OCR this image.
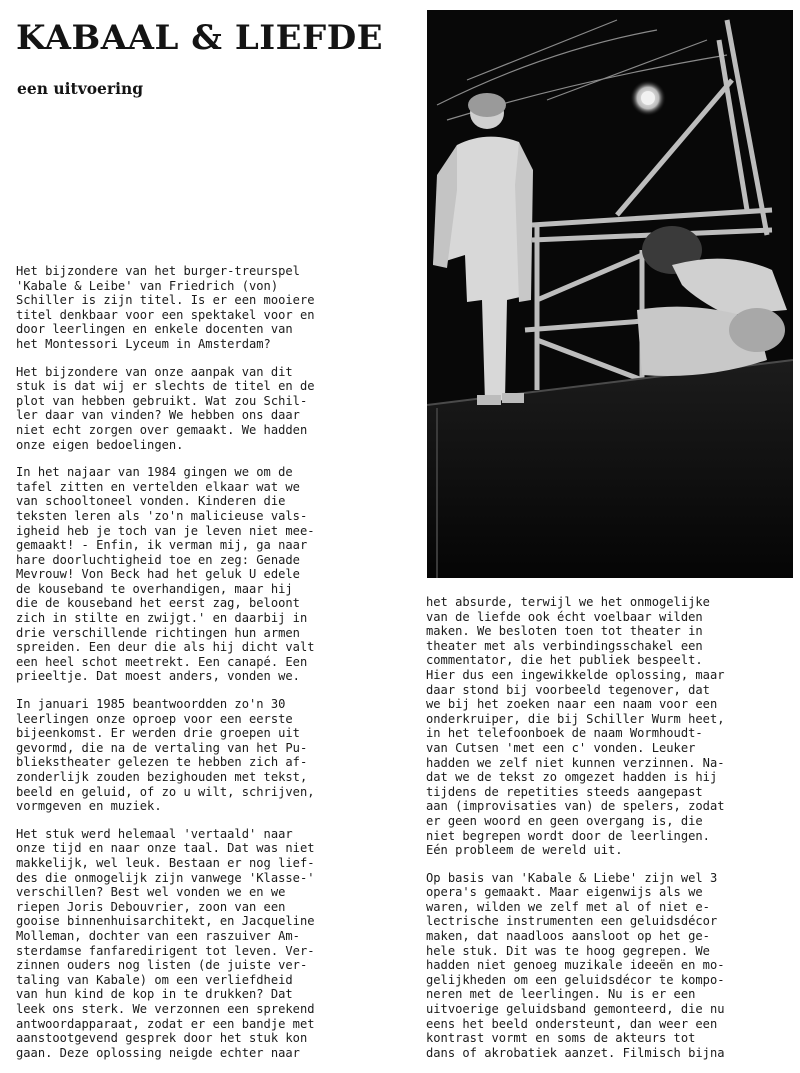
KABAAL & LIEFDE
een uitvoering

Het bijzondere van het burger-treurspel
'Kabale & Leibe' van Friedrich (von)
Schiller is zijn titel. Is er een mooiere
titel denkbaar voor een spektakel voor en
door leerlingen en enkele docenten van
het Montessori Lyceum in Amsterdam?

Het bijzondere van onze aanpak van dit
stuk is dat wij er slechts de titel en de
plot van hebben gebruikt. Wat zou Schil-
ler daar van vinden? We hebben ons daar
niet echt zorgen over gemaakt. We hadden
onze eigen bedoelingen.

In het najaar van 1984 gingen we om de
tafel zitten en vertelden elkaar wat we
van schooltoneel vonden. Kinderen die
teksten leren als 'zo'n malicieuse vals-
igheid heb je toch van je leven niet mee-
gemaakt! - Enfin, ik verman mij, ga naar
hare doorluchtigheid toe en zeg: Genade
Mevrouw! Von Beck had het geluk U edele
de kouseband te overhandigen, maar hij
die de kouseband het eerst zag, beloont
zich in stilte en zwijgt.' en daarbij in
drie verschillende richtingen hun armen
spreiden. Een deur die als hij dicht valt
een heel schot meetrekt. Een canapé. Een
prieeltje. Dat moest anders, vonden we.

In januari 1985 beantwoordden zo'n 30
leerlingen onze oproep voor een eerste
bijeenkomst. Er werden drie groepen uit
gevormd, die na de vertaling van het Pu-
bliekstheater gelezen te hebben zich af-
zonderlijk zouden bezighouden met tekst,
beeld en geluid, of zo u wilt, schrijven,
vormgeven en muziek.

Het stuk werd helemaal 'vertaald' naar
onze tijd en naar onze taal. Dat was niet
makkelijk, wel leuk. Bestaan er nog lief-
des die onmogelijk zijn vanwege 'Klasse-'
verschillen? Best wel vonden we en we
riepen Joris Debouvrier, zoon van een
gooise binnenhuisarchitekt, en Jacqueline
Molleman, dochter van een raszuiver Am-
sterdamse fanfaredirigent tot leven. Ver-
zinnen ouders nog listen (de juiste ver-
taling van Kabale) om een verliefdheid
van hun kind de kop in te drukken? Dat
leek ons sterk. We verzonnen een sprekend
antwoordapparaat, zodat er een bandje met
aanstootgevend gesprek door het stuk kon
gaan. Deze oplossing neigde echter naar

het absurde, terwijl we het onmogelijke
van de liefde ook écht voelbaar wilden
maken. We besloten toen tot theater in
theater met als verbindingsschakel een
commentator, die het publiek bespeelt.
Hier dus een ingewikkelde oplossing, maar
daar stond bij voorbeeld tegenover, dat
we bij het zoeken naar een naam voor een
onderkruiper, die bij Schiller Wurm heet,
in het telefoonboek de naam Wormhoudt-
van Cutsen 'met een c' vonden. Leuker
hadden we zelf niet kunnen verzinnen. Na-
dat we de tekst zo omgezet hadden is hij
tijdens de repetities steeds aangepast
aan (improvisaties van) de spelers, zodat
er geen woord en geen overgang is, die
niet begrepen wordt door de leerlingen.
Eén probleem de wereld uit.

Op basis van 'Kabale & Liebe' zijn wel 3
opera's gemaakt. Maar eigenwijs als we
waren, wilden we zelf met al of niet e-
lectrische instrumenten een geluidsdécor
maken, dat naadloos aansloot op het ge-
hele stuk. Dit was te hoog gegrepen. We
hadden niet genoeg muzikale ideeën en mo-
gelijkheden om een geluidsdécor te kompo-
neren met de leerlingen. Nu is er een
uitvoerige geluidsband gemonteerd, die nu
eens het beeld ondersteunt, dan weer een
kontrast vormt en soms de akteurs tot
dans of akrobatiek aanzet. Filmisch bijna
